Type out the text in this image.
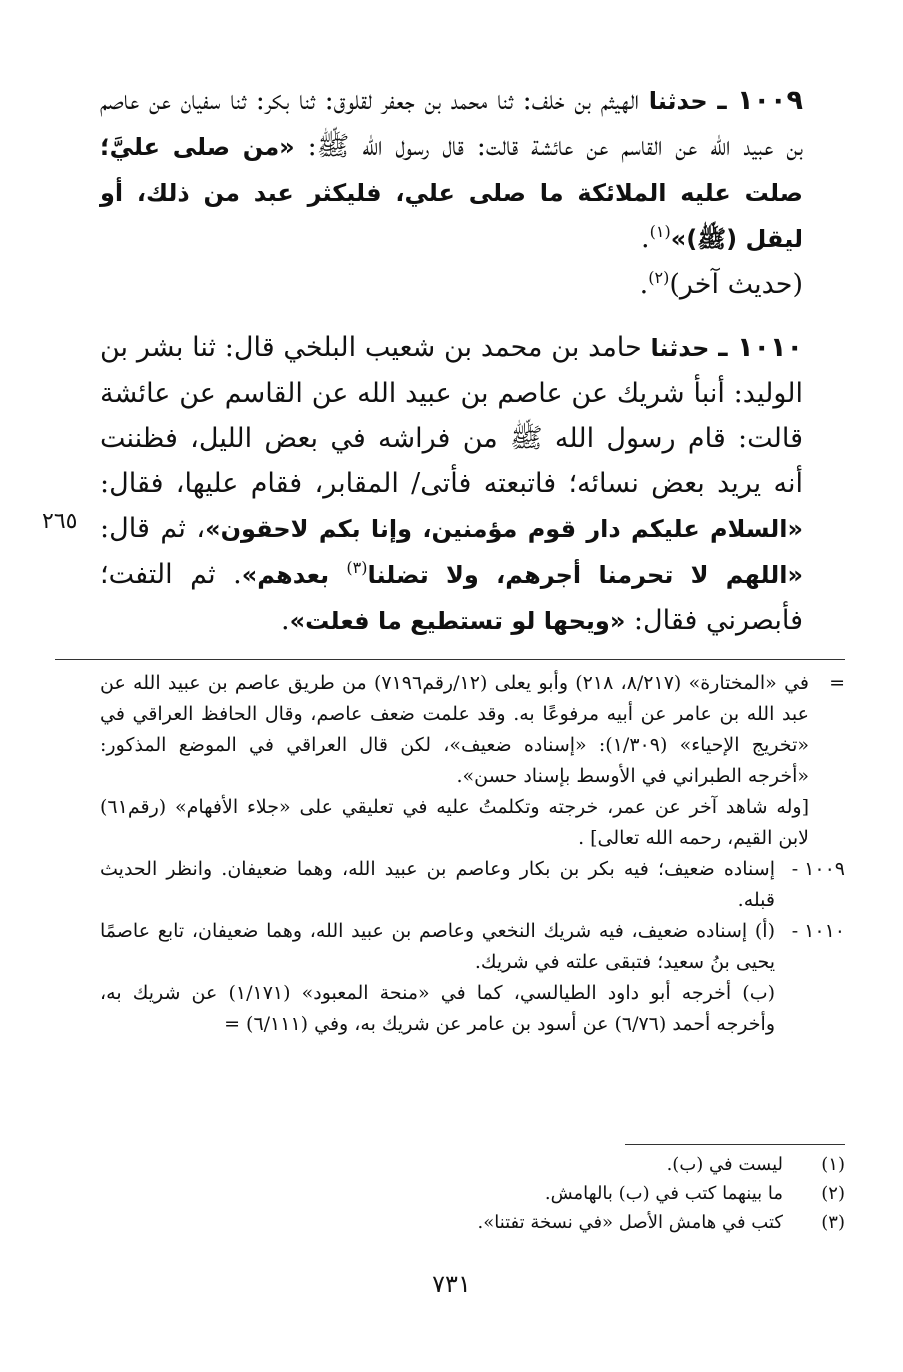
١٠٠٩ ـ حدثنا الهيثم بن خلف: ثنا محمد بن جعفر لقلوق: ثنا بكر: ثنا سفيان عن عاصم بن عبيد الله عن القاسم عن عائشة قالت: قال رسول الله ﷺ: «من صلى عليَّ؛ صلت عليه الملائكة ما صلى علي، فليكثر عبد من ذلك، أو ليقل (ﷺ)»$^{(١)}$.

(حديث آخر)$^{(٢)}$.

١٠١٠ ـ حدثنا حامد بن محمد بن شعيب البلخي قال: ثنا بشر بن الوليد: أنبأ شريك عن عاصم بن عبيد الله عن القاسم عن عائشة قالت: قام رسول الله ﷺ من فراشه في بعض الليل، فظننت أنه يريد بعض نسائه؛ فاتبعته فأتى/ المقابر، فقام عليها، فقال: «السلام عليكم دار قوم مؤمنين، وإنا بكم لاحقون»، ثم قال: «اللهم لا تحرمنا أجرهم، ولا تضلنا$^{(٣)}$ بعدهم». ثم التفت؛ فأبصرني فقال: «ويحها لو تستطيع ما فعلت».

٢٦٥
=
في «المختارة» (٨/٢١٧، ٢١٨) وأبو يعلى (١٢/رقم٧١٩٦) من طريق عاصم بن عبيد الله عن عبد الله بن عامر عن أبيه مرفوعًا به. وقد علمت ضعف عاصم، وقال الحافظ العراقي في «تخريج الإحياء» (١/٣٠٩): «إسناده ضعيف»، لكن قال العراقي في الموضع المذكور: «أخرجه الطبراني في الأوسط بإسناد حسن».

[وله شاهد آخر عن عمر، خرجته وتكلمتُ عليه في تعليقي على «جلاء الأفهام» (رقم٦١) لابن القيم، رحمه الله تعالى] .

١٠٠٩ -
إسناده ضعيف؛ فيه بكر بن بكار وعاصم بن عبيد الله، وهما ضعيفان. وانظر الحديث قبله.
١٠١٠ -
(أ) إسناده ضعيف، فيه شريك النخعي وعاصم بن عبيد الله، وهما ضعيفان، تابع عاصمًا يحيى بنُ سعيد؛ فتبقى علته في شريك.

(ب) أخرجه أبو داود الطيالسي، كما في «منحة المعبود» (١/١٧١) عن شريك به، وأخرجه أحمد (٦/٧٦) عن أسود بن عامر عن شريك به، وفي (٦/١١١) =

(١)
ليست في (ب).
(٢)
ما بينهما كتب في (ب) بالهامش.
(٣)
كتب في هامش الأصل «في نسخة تفتنا».
٧٣١
